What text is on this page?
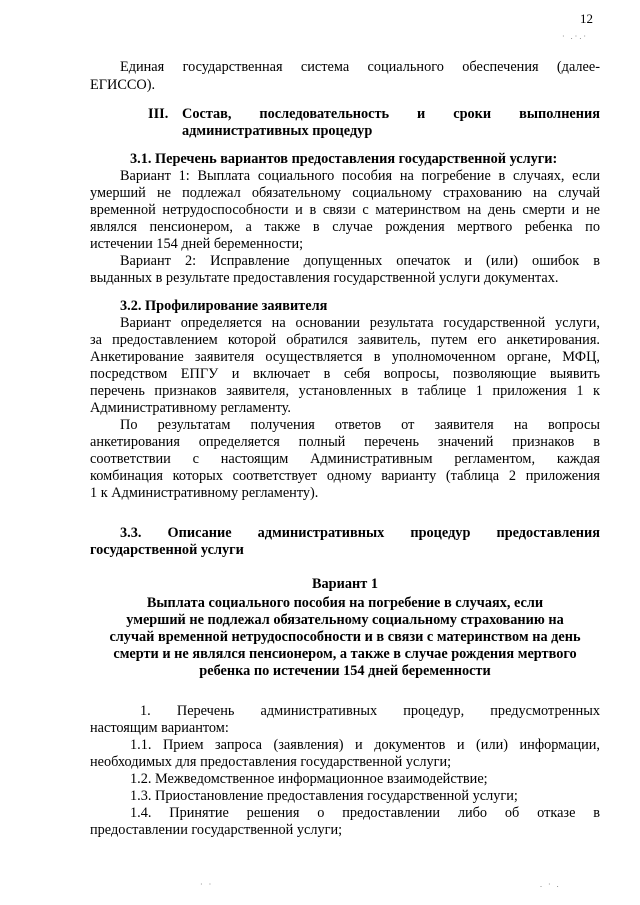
12
· .·.·
Единая государственная система социального обеспечения (далее-
ЕГИССО).
III. Состав, последовательность и сроки выполнения
административных процедур
3.1. Перечень вариантов предоставления государственной услуги:
Вариант 1: Выплата социального пособия на погребение в случаях, если
умерший не подлежал обязательному социальному страхованию на случай
временной нетрудоспособности и в связи с материнством на день смерти и не
являлся пенсионером, а также в случае рождения мертвого ребенка по
истечении 154 дней беременности;
Вариант 2: Исправление допущенных опечаток и (или) ошибок в
выданных в результате предоставления государственной услуги документах.
3.2. Профилирование заявителя
Вариант определяется на основании результата государственной услуги,
за предоставлением которой обратился заявитель, путем его анкетирования.
Анкетирование заявителя осуществляется в уполномоченном органе, МФЦ,
посредством ЕПГУ и включает в себя вопросы, позволяющие выявить
перечень признаков заявителя, установленных в таблице 1 приложения 1 к
Административному регламенту.
По результатам получения ответов от заявителя на вопросы
анкетирования определяется полный перечень значений признаков в
соответствии с настоящим Административным регламентом, каждая
комбинация которых соответствует одному варианту (таблица 2 приложения
1 к Административному регламенту).
3.3. Описание административных процедур предоставления
государственной услуги
Вариант 1
Выплата социального пособия на погребение в случаях, если
умерший не подлежал обязательному социальному страхованию на
случай временной нетрудоспособности и в связи с материнством на день
смерти и не являлся пенсионером, а также в случае рождения мертвого
ребенка по истечении 154 дней беременности
1. Перечень административных процедур, предусмотренных
настоящим вариантом:
1.1. Прием запроса (заявления) и документов и (или) информации,
необходимых для предоставления государственной услуги;
1.2. Межведомственное информационное взаимодействие;
1.3. Приостановление предоставления государственной услуги;
1.4. Принятие решения о предоставлении либо об отказе в
предоставлении государственной услуги;
· ·	. · .
